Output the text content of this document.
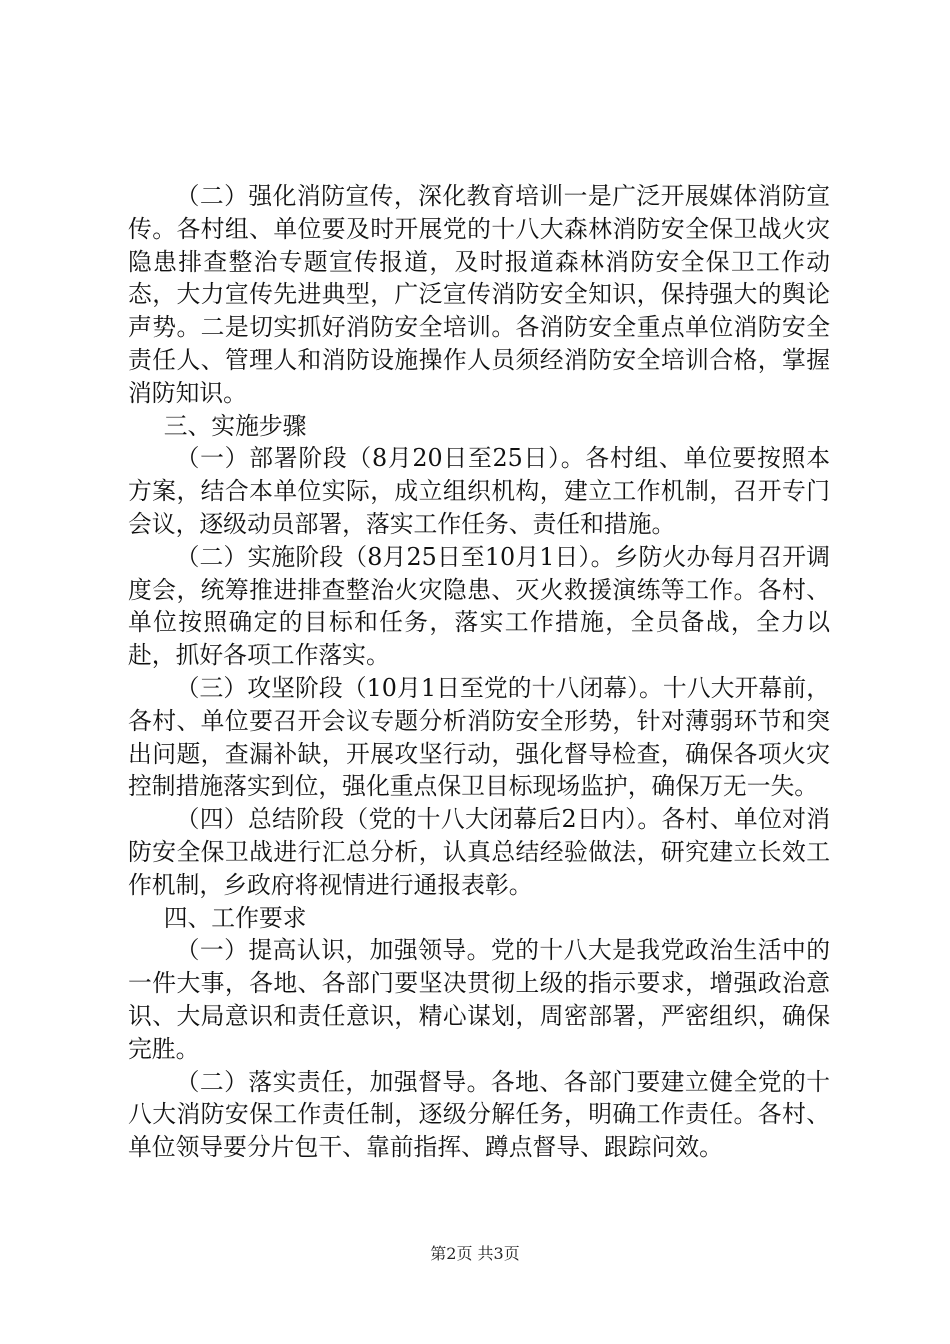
（二）强化消防宣传，深化教育培训一是广泛开展媒体消防宣传。各村组、单位要及时开展党的十八大森林消防安全保卫战火灾隐患排查整治专题宣传报道，及时报道森林消防安全保卫工作动态，大力宣传先进典型，广泛宣传消防安全知识，保持强大的舆论声势。二是切实抓好消防安全培训。各消防安全重点单位消防安全责任人、管理人和消防设施操作人员须经消防安全培训合格，掌握消防知识。

三、实施步骤

（一）部署阶段（8月20日至25日）。各村组、单位要按照本方案，结合本单位实际，成立组织机构，建立工作机制，召开专门会议，逐级动员部署，落实工作任务、责任和措施。

（二）实施阶段（8月25日至10月1日）。乡防火办每月召开调度会，统筹推进排查整治火灾隐患、灭火救援演练等工作。各村、单位按照确定的目标和任务，落实工作措施，全员备战，全力以赴，抓好各项工作落实。

（三）攻坚阶段（10月1日至党的十八闭幕）。十八大开幕前，各村、单位要召开会议专题分析消防安全形势，针对薄弱环节和突出问题，查漏补缺，开展攻坚行动，强化督导检查，确保各项火灾控制措施落实到位，强化重点保卫目标现场监护，确保万无一失。

（四）总结阶段（党的十八大闭幕后2日内）。各村、单位对消防安全保卫战进行汇总分析，认真总结经验做法，研究建立长效工作机制，乡政府将视情进行通报表彰。

四、工作要求

（一）提高认识，加强领导。党的十八大是我党政治生活中的一件大事，各地、各部门要坚决贯彻上级的指示要求，增强政治意识、大局意识和责任意识，精心谋划，周密部署，严密组织，确保完胜。

（二）落实责任，加强督导。各地、各部门要建立健全党的十八大消防安保工作责任制，逐级分解任务，明确工作责任。各村、单位领导要分片包干、靠前指挥、蹲点督导、跟踪问效。

第2页 共3页
